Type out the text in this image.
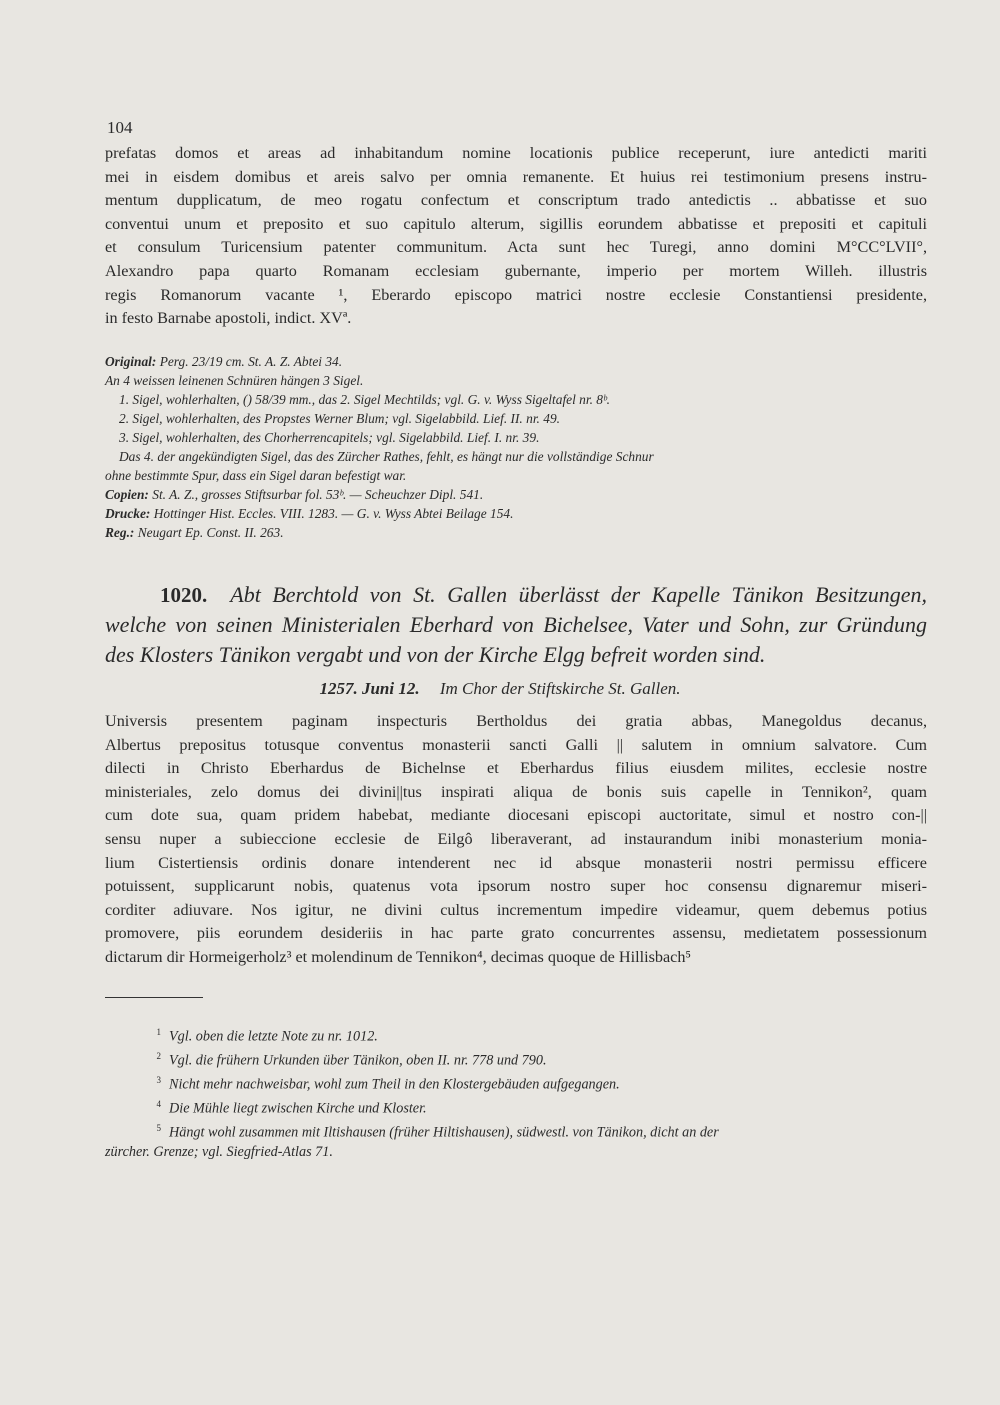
104
prefatas domos et areas ad inhabitandum nomine locationis publice receperunt, iure antedicti mariti
mei in eisdem domibus et areis salvo per omnia remanente. Et huius rei testimonium presens instru-
mentum dupplicatum, de meo rogatu confectum et conscriptum trado antedictis .. abbatisse et suo
conventui unum et preposito et suo capitulo alterum, sigillis eorundem abbatisse et prepositi et capituli
et consulum Turicensium patenter communitum. Acta sunt hec Turegi, anno domini M°CC°LVII°,
Alexandro papa quarto Romanam ecclesiam gubernante, imperio per mortem Willeh. illustris
regis Romanorum vacante ¹, Eberardo episcopo matrici nostre ecclesie Constantiensi presidente,
in festo Barnabe apostoli, indict. XVª.
Original: Perg. 23/19 cm. St. A. Z. Abtei 34.
An 4 weissen leinenen Schnüren hängen 3 Sigel.
1. Sigel, wohlerhalten, () 58/39 mm., das 2. Sigel Mechtilds; vgl. G. v. Wyss Sigeltafel nr. 8ᵇ.
2. Sigel, wohlerhalten, des Propstes Werner Blum; vgl. Sigelabbild. Lief. II. nr. 49.
3. Sigel, wohlerhalten, des Chorherrencapitels; vgl. Sigelabbild. Lief. I. nr. 39.
Das 4. der angekündigten Sigel, das des Zürcher Rathes, fehlt, es hängt nur die vollständige Schnur
ohne bestimmte Spur, dass ein Sigel daran befestigt war.
Copien: St. A. Z., grosses Stiftsurbar fol. 53ᵇ. — Scheuchzer Dipl. 541.
Drucke: Hottinger Hist. Eccles. VIII. 1283. — G. v. Wyss Abtei Beilage 154.
Reg.: Neugart Ep. Const. II. 263.
1020. Abt Berchtold von St. Gallen überlässt der Kapelle Tänikon Besitzungen,
welche von seinen Ministerialen Eberhard von Bichelsee, Vater und Sohn, zur Gründung
des Klosters Tänikon vergabt und von der Kirche Elgg befreit worden sind.
1257. Juni 12. Im Chor der Stiftskirche St. Gallen.
Universis presentem paginam inspecturis Bertholdus dei gratia abbas, Manegoldus decanus,
Albertus prepositus totusque conventus monasterii sancti Galli || salutem in omnium salvatore. Cum
dilecti in Christo Eberhardus de Bichelnse et Eberhardus filius eiusdem milites, ecclesie nostre
ministeriales, zelo domus dei divini||tus inspirati aliqua de bonis suis capelle in Tennikon², quam
cum dote sua, quam pridem habebat, mediante diocesani episcopi auctoritate, simul et nostro con-||
sensu nuper a subieccione ecclesie de Eilgô liberaverant, ad instaurandum inibi monasterium monia-
lium Cistertiensis ordinis donare intenderent nec id absque monasterii nostri permissu efficere
potuissent, supplicarunt nobis, quatenus vota ipsorum nostro super hoc consensu dignaremur miseri-
corditer adiuvare. Nos igitur, ne divini cultus incrementum impedire videamur, quem debemus potius
promovere, piis eorundem desideriis in hac parte grato concurrentes assensu, medietatem possessionum
dictarum dir Hormeigerholz³ et molendinum de Tennikon⁴, decimas quoque de Hillisbach⁵
1 Vgl. oben die letzte Note zu nr. 1012.
2 Vgl. die frühern Urkunden über Tänikon, oben II. nr. 778 und 790.
3 Nicht mehr nachweisbar, wohl zum Theil in den Klostergebäuden aufgegangen.
4 Die Mühle liegt zwischen Kirche und Kloster.
5 Hängt wohl zusammen mit Iltishausen (früher Hiltishausen), südwestl. von Tänikon, dicht an der
zürcher. Grenze; vgl. Siegfried-Atlas 71.
